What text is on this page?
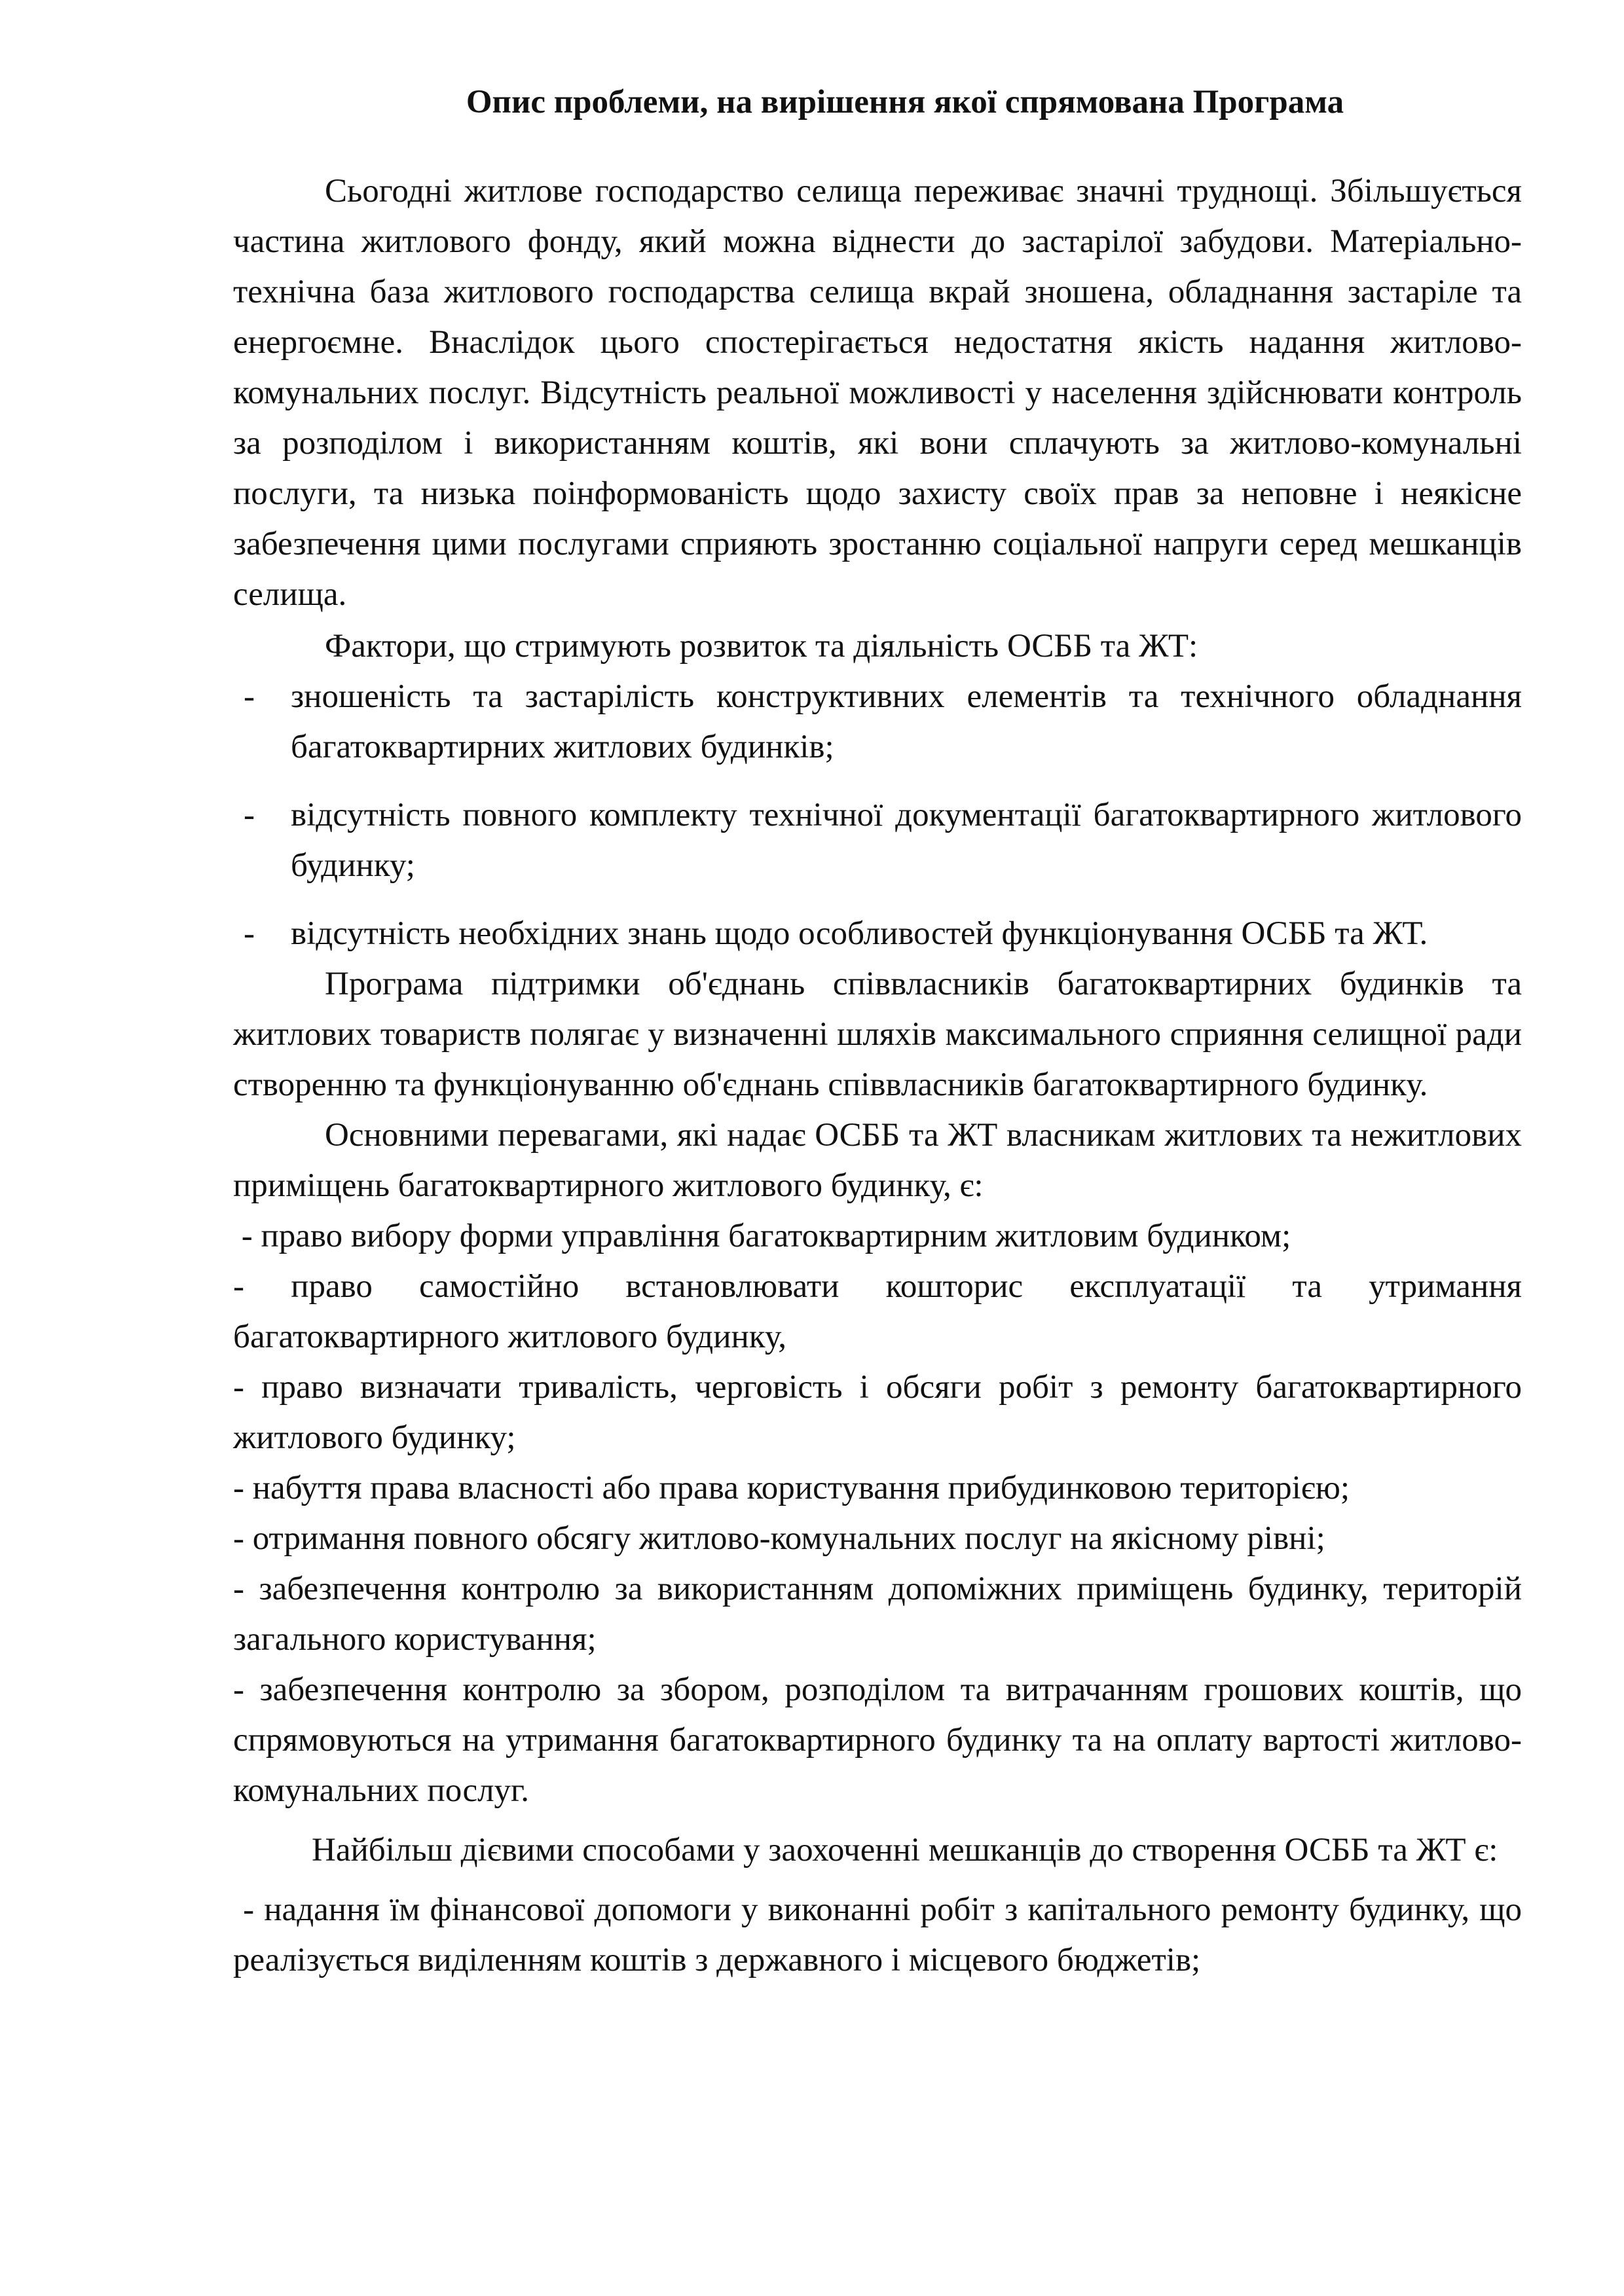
Опис проблеми, на вирішення якої спрямована Програма

Сьогодні житлове господарство селища переживає значні труднощі. Збільшується частина житлового фонду, який можна віднести до застарілої забудови. Матеріально-технічна база житлового господарства селища вкрай зношена, обладнання застаріле та енергоємне. Внаслідок цього спостерігається недостатня якість надання житлово-комунальних послуг. Відсутність реальної можливості у населення здійснювати контроль за розподілом і використанням коштів, які вони сплачують за житлово-комунальні послуги, та низька поінформованість щодо захисту своїх прав за неповне і неякісне забезпечення цими послугами сприяють зростанню соціальної напруги серед мешканців селища.

Фактори, що стримують розвиток та діяльність ОСББ та ЖТ:

- зношеність та застарілість конструктивних елементів та технічного обладнання багатоквартирних житлових будинків;
- відсутність повного комплекту технічної документації багатоквартирного житлового будинку;
- відсутність необхідних знань щодо особливостей функціонування ОСББ та ЖТ.

Програма підтримки об'єднань співвласників багатоквартирних будинків та житлових товариств полягає у визначенні шляхів максимального сприяння селищної ради створенню та функціонуванню об'єднань співвласників багатоквартирного будинку.

Основними перевагами, які надає ОСББ та ЖТ власникам житлових та нежитлових приміщень багатоквартирного житлового будинку, є:

- право вибору форми управління багатоквартирним житловим будинком;

- право самостійно встановлювати кошторис експлуатації та утримання багатоквартирного житлового будинку,

- право визначати тривалість, черговість і обсяги робіт з ремонту багатоквартирного житлового будинку;

- набуття права власності або права користування прибудинковою територією;

- отримання повного обсягу житлово-комунальних послуг на якісному рівні;

- забезпечення контролю за використанням допоміжних приміщень будинку, територій загального користування;

- забезпечення контролю за збором, розподілом та витрачанням грошових коштів, що спрямовуються на утримання багатоквартирного будинку та на оплату вартості житлово-комунальних послуг.

Найбільш дієвими способами у заохоченні мешканців до створення ОСББ та ЖТ є:

- надання їм фінансової допомоги у виконанні робіт з капітального ремонту будинку, що реалізується виділенням коштів з державного і місцевого бюджетів;
